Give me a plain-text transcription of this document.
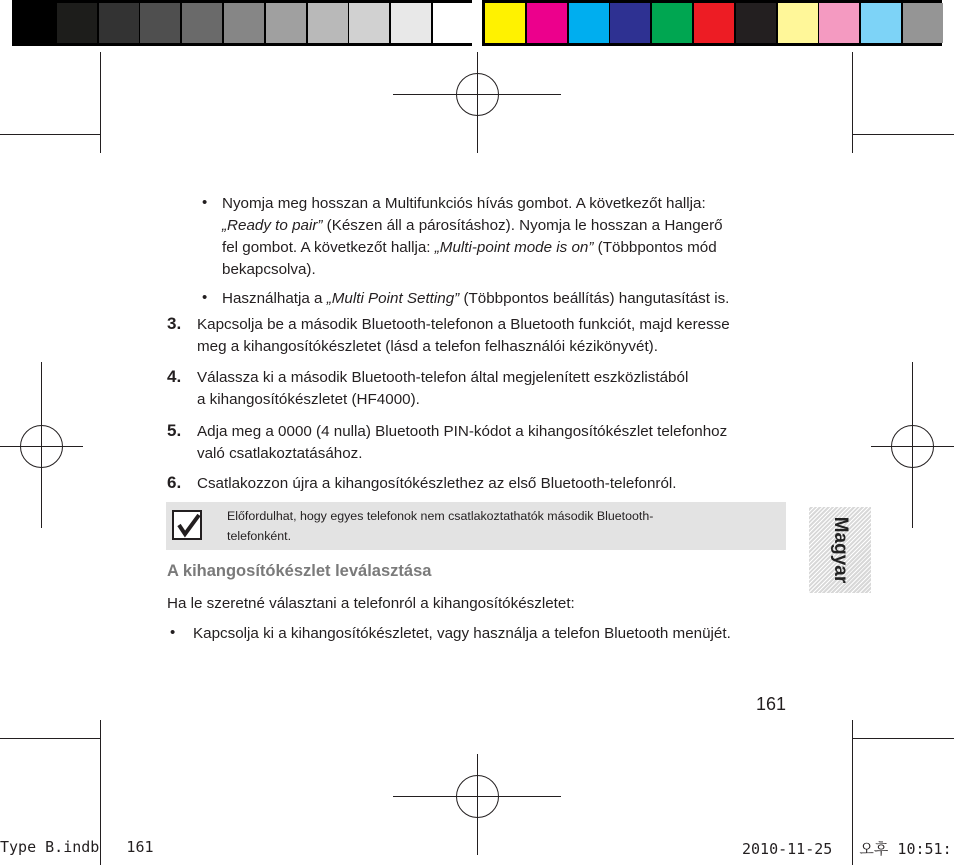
• Nyomja meg hosszan a Multifunkciós hívás gombot. A következőt hallja:
„Ready to pair” (Készen áll a párosításhoz). Nyomja le hosszan a Hangerő
fel gombot. A következőt hallja: „Multi-point mode is on” (Többpontos mód
bekapcsolva).
• Használhatja a „Multi Point Setting” (Többpontos beállítás) hangutasítást is.
3. Kapcsolja be a második Bluetooth-telefonon a Bluetooth funkciót, majd keresse
meg a kihangosítókészletet (lásd a telefon felhasználói kézikönyvét).
4. Válassza ki a második Bluetooth-telefon által megjelenített eszközlistából
a kihangosítókészletet (HF4000).
5. Adja meg a 0000 (4 nulla) Bluetooth PIN-kódot a kihangosítókészlet telefonhoz
való csatlakoztatásához.
6. Csatlakozzon újra a kihangosítókészlethez az első Bluetooth-telefonról.
Előfordulhat, hogy egyes telefonok nem csatlakoztathatók második Bluetooth-
telefonként.
A kihangosítókészlet leválasztása
Ha le szeretné választani a telefonról a kihangosítókészletet:
• Kapcsolja ki a kihangosítókészletet, vagy használja a telefon Bluetooth menüjét.
Magyar
161
Type B.indb   161	2010-11-25   오후 10:51:
